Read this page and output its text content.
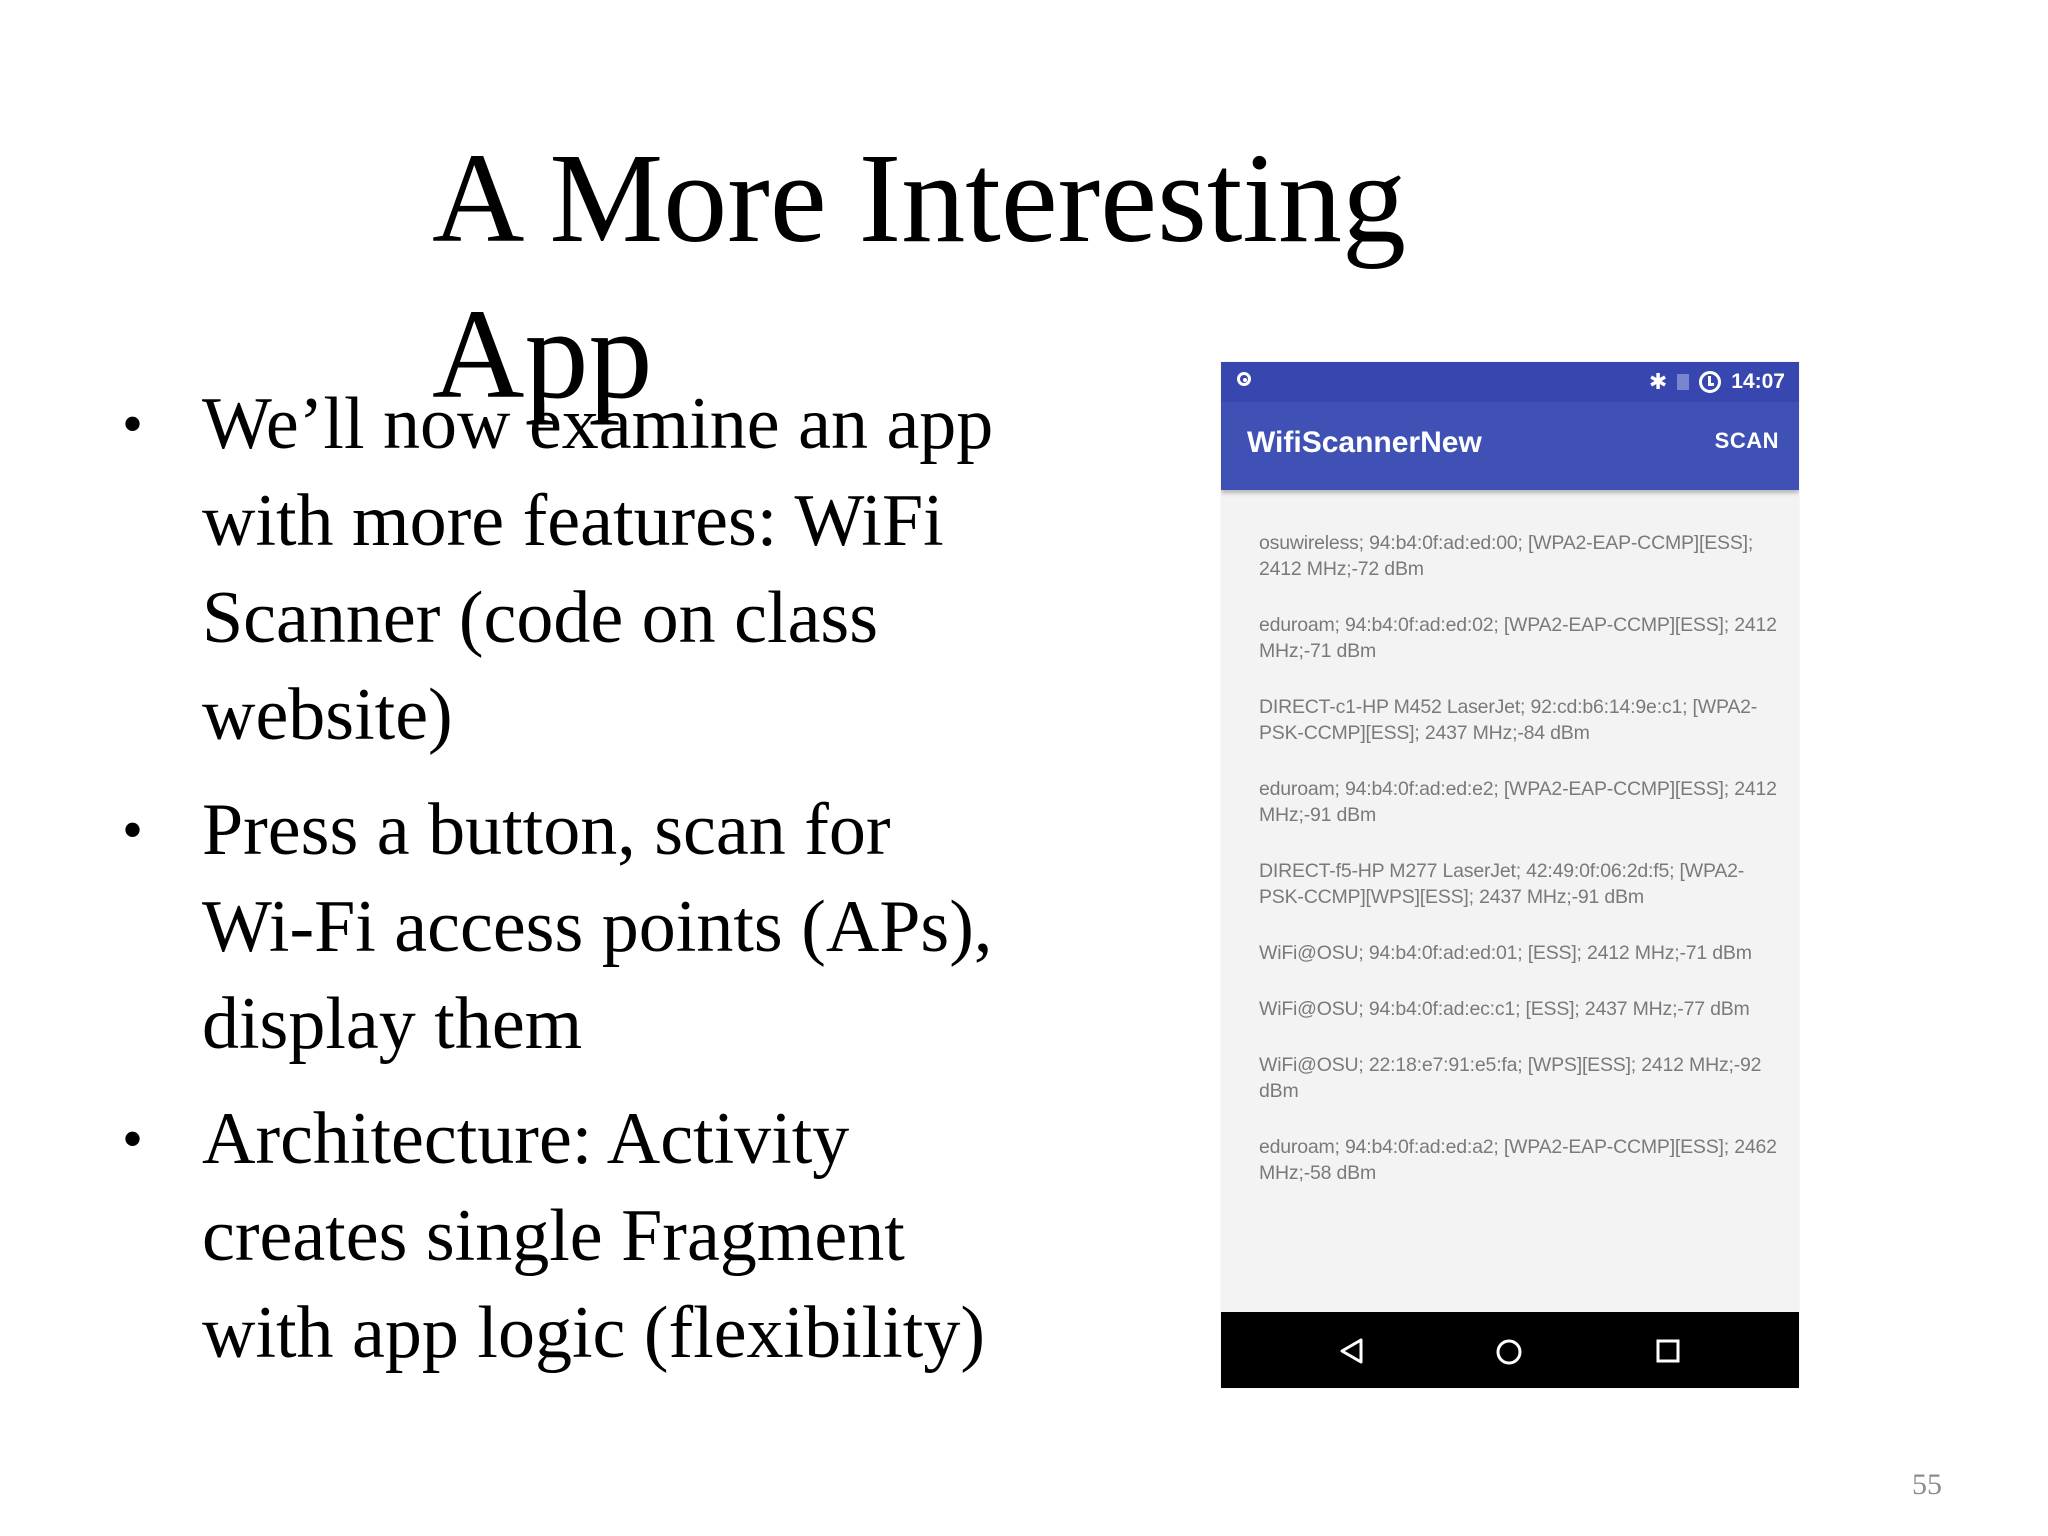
A More Interesting App
• We’ll now examine an app with more features: WiFi Scanner (code on class website)
• Press a button, scan for Wi-Fi access points (APs), display them
• Architecture: Activity creates single Fragment with app logic (flexibility)
✱	14:07
WifiScannerNew	SCAN
osuwireless; 94:b4:0f:ad:ed:00; [WPA2-EAP-CCMP][ESS]; 2412 MHz;-72 dBm
eduroam; 94:b4:0f:ad:ed:02; [WPA2-EAP-CCMP][ESS]; 2412 MHz;-71 dBm
DIRECT-c1-HP M452 LaserJet; 92:cd:b6:14:9e:c1; [WPA2-PSK-CCMP][ESS]; 2437 MHz;-84 dBm
eduroam; 94:b4:0f:ad:ed:e2; [WPA2-EAP-CCMP][ESS]; 2412 MHz;-91 dBm
DIRECT-f5-HP M277 LaserJet; 42:49:0f:06:2d:f5; [WPA2-PSK-CCMP][WPS][ESS]; 2437 MHz;-91 dBm
WiFi@OSU; 94:b4:0f:ad:ed:01; [ESS]; 2412 MHz;-71 dBm
WiFi@OSU; 94:b4:0f:ad:ec:c1; [ESS]; 2437 MHz;-77 dBm
WiFi@OSU; 22:18:e7:91:e5:fa; [WPS][ESS]; 2412 MHz;-92 dBm
eduroam; 94:b4:0f:ad:ed:a2; [WPA2-EAP-CCMP][ESS]; 2462 MHz;-58 dBm
55
